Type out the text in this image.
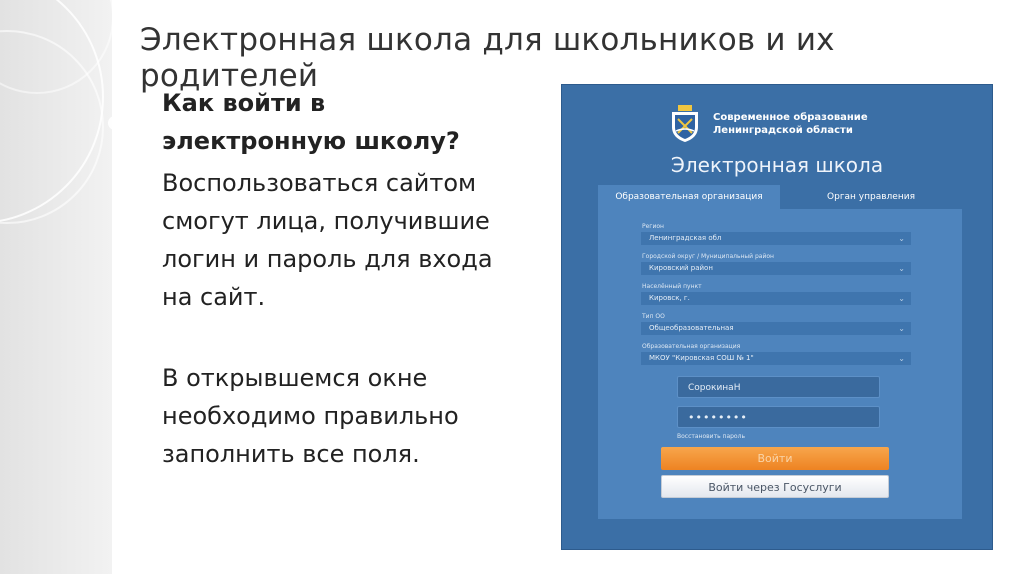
Электронная школа для школьников и их родителей

Как войти в

электронную школу?

Воспользоваться сайтом

смогут лица, получившие

логин и пароль для входа

на сайт.

В открывшемся окне

необходимо правильно

заполнить все поля.

Современное образование
Ленинградской области
Электронная школа
Образовательная организация	Орган управления
Регион
Ленинградская обл	⌄
Городской округ / Муниципальный район
Кировский район	⌄
Населённый пункт
Кировск, г.	⌄
Тип ОО
Общеобразовательная	⌄
Образовательная организация
МКОУ "Кировская СОШ № 1"	⌄
СорокинаН
••••••••
Восстановить пароль
Войти
Войти через Госуслуги
